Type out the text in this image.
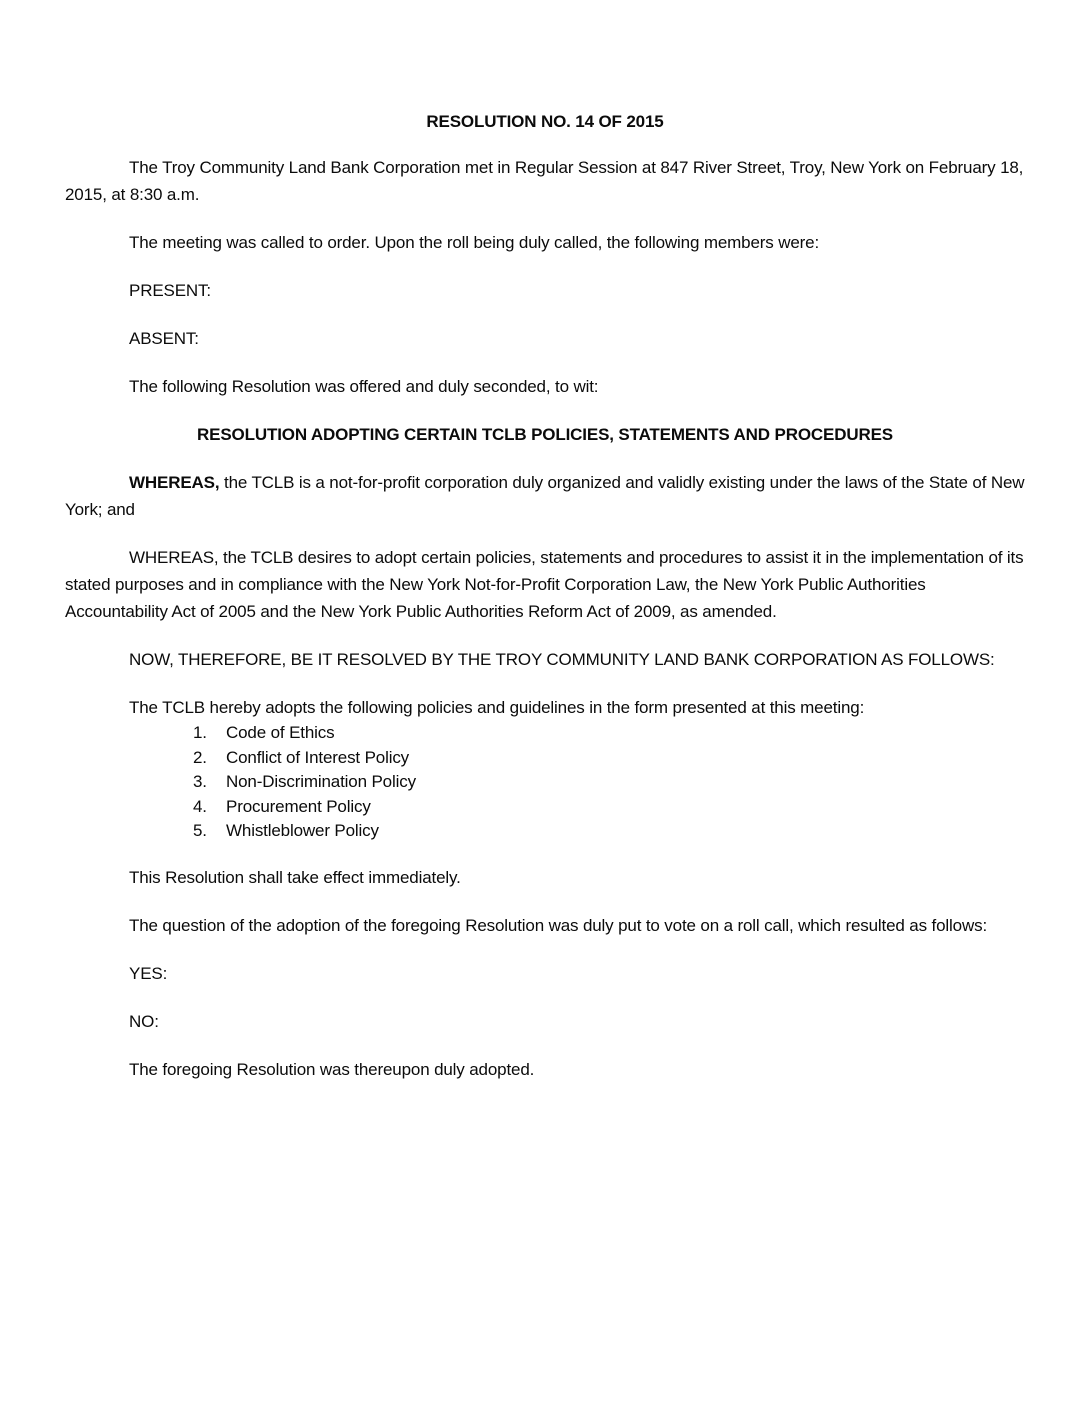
RESOLUTION NO. 14 OF 2015

The Troy Community Land Bank Corporation met in Regular Session at 847 River Street, Troy, New York on February 18, 2015, at 8:30 a.m.

The meeting was called to order. Upon the roll being duly called, the following members were:

PRESENT:

ABSENT:

The following Resolution was offered and duly seconded, to wit:

RESOLUTION ADOPTING CERTAIN TCLB POLICIES, STATEMENTS AND PROCEDURES

WHEREAS, the TCLB is a not-for-profit corporation duly organized and validly existing under the laws of the State of New York; and

WHEREAS, the TCLB desires to adopt certain policies, statements and procedures to assist it in the implementation of its stated purposes and in compliance with the New York Not-for-Profit Corporation Law, the New York Public Authorities Accountability Act of 2005 and the New York Public Authorities Reform Act of 2009, as amended.

NOW, THEREFORE, BE IT RESOLVED BY THE TROY COMMUNITY LAND BANK CORPORATION AS FOLLOWS:

The TCLB hereby adopts the following policies and guidelines in the form presented at this meeting:

1.	Code of Ethics
2.	Conflict of Interest Policy
3.	Non-Discrimination Policy
4.	Procurement Policy
5.	Whistleblower Policy

This Resolution shall take effect immediately.

The question of the adoption of the foregoing Resolution was duly put to vote on a roll call, which resulted as follows:

YES:

NO:

The foregoing Resolution was thereupon duly adopted.
